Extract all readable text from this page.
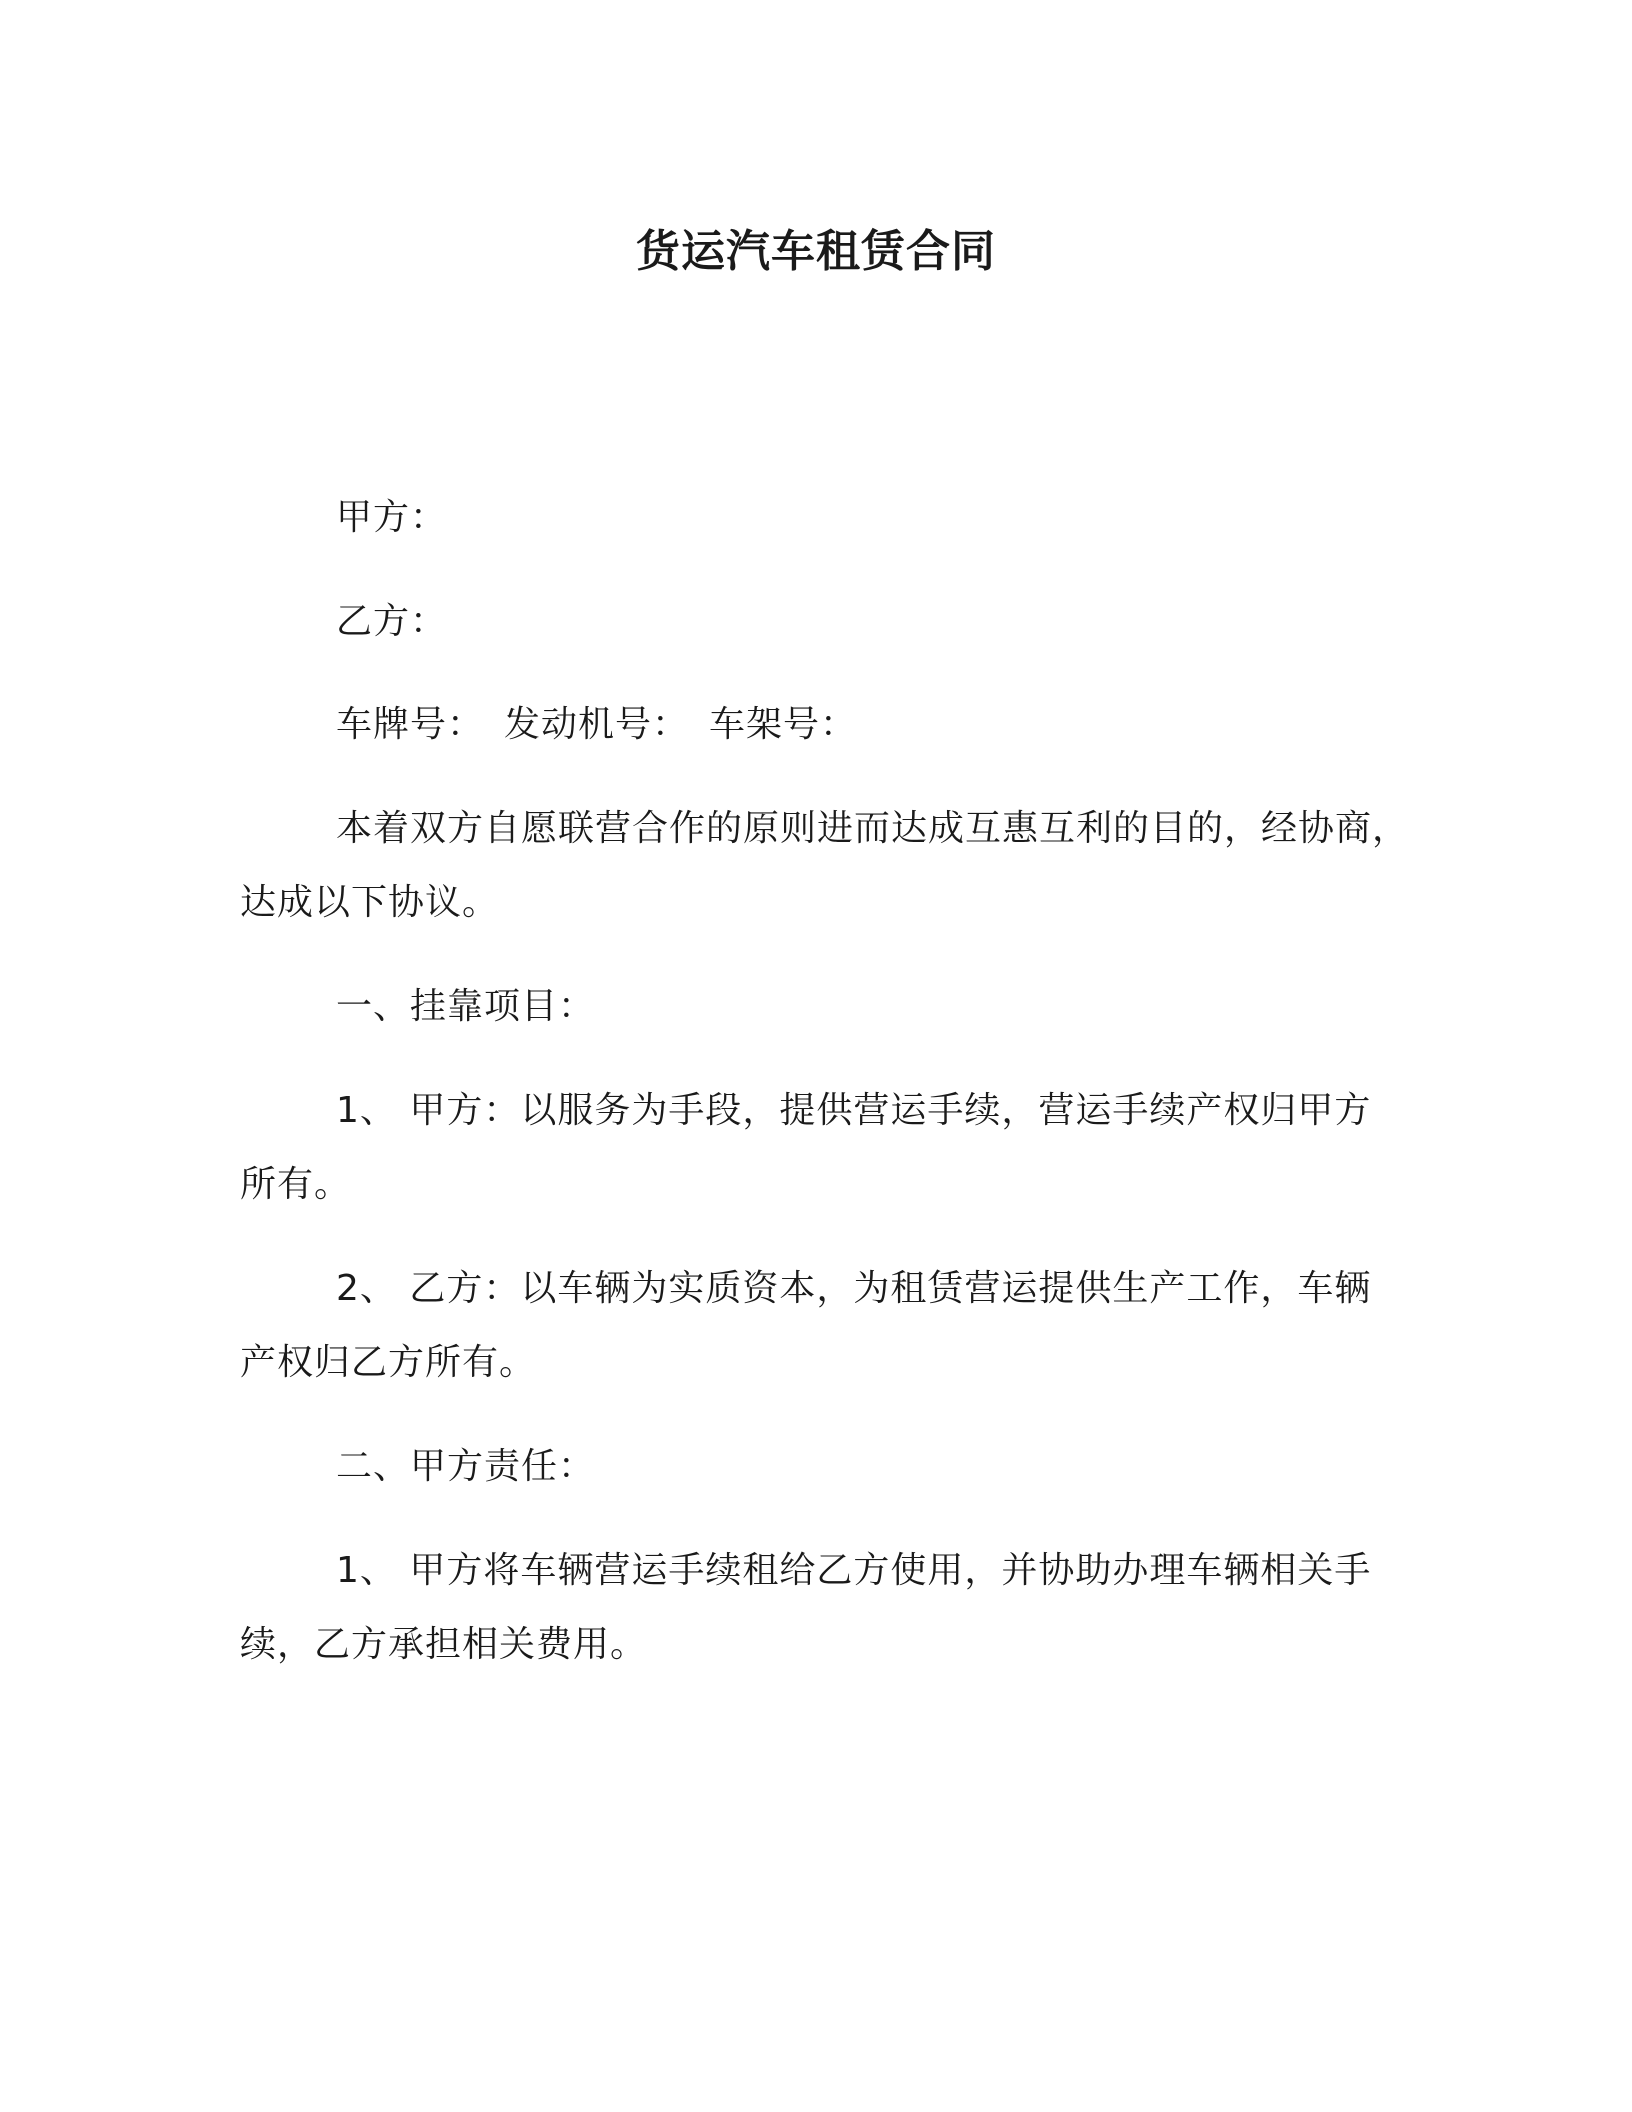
货运汽车租赁合同
甲方：
乙方：
车牌号： 发动机号： 车架号：
本着双方自愿联营合作的原则进而达成互惠互利的目的，经协商，
达成以下协议。
一、挂靠项目：
1、 甲方：以服务为手段，提供营运手续，营运手续产权归甲方
所有。
2、 乙方：以车辆为实质资本，为租赁营运提供生产工作，车辆
产权归乙方所有。
二、甲方责任：
1、 甲方将车辆营运手续租给乙方使用，并协助办理车辆相关手
续，乙方承担相关费用。
